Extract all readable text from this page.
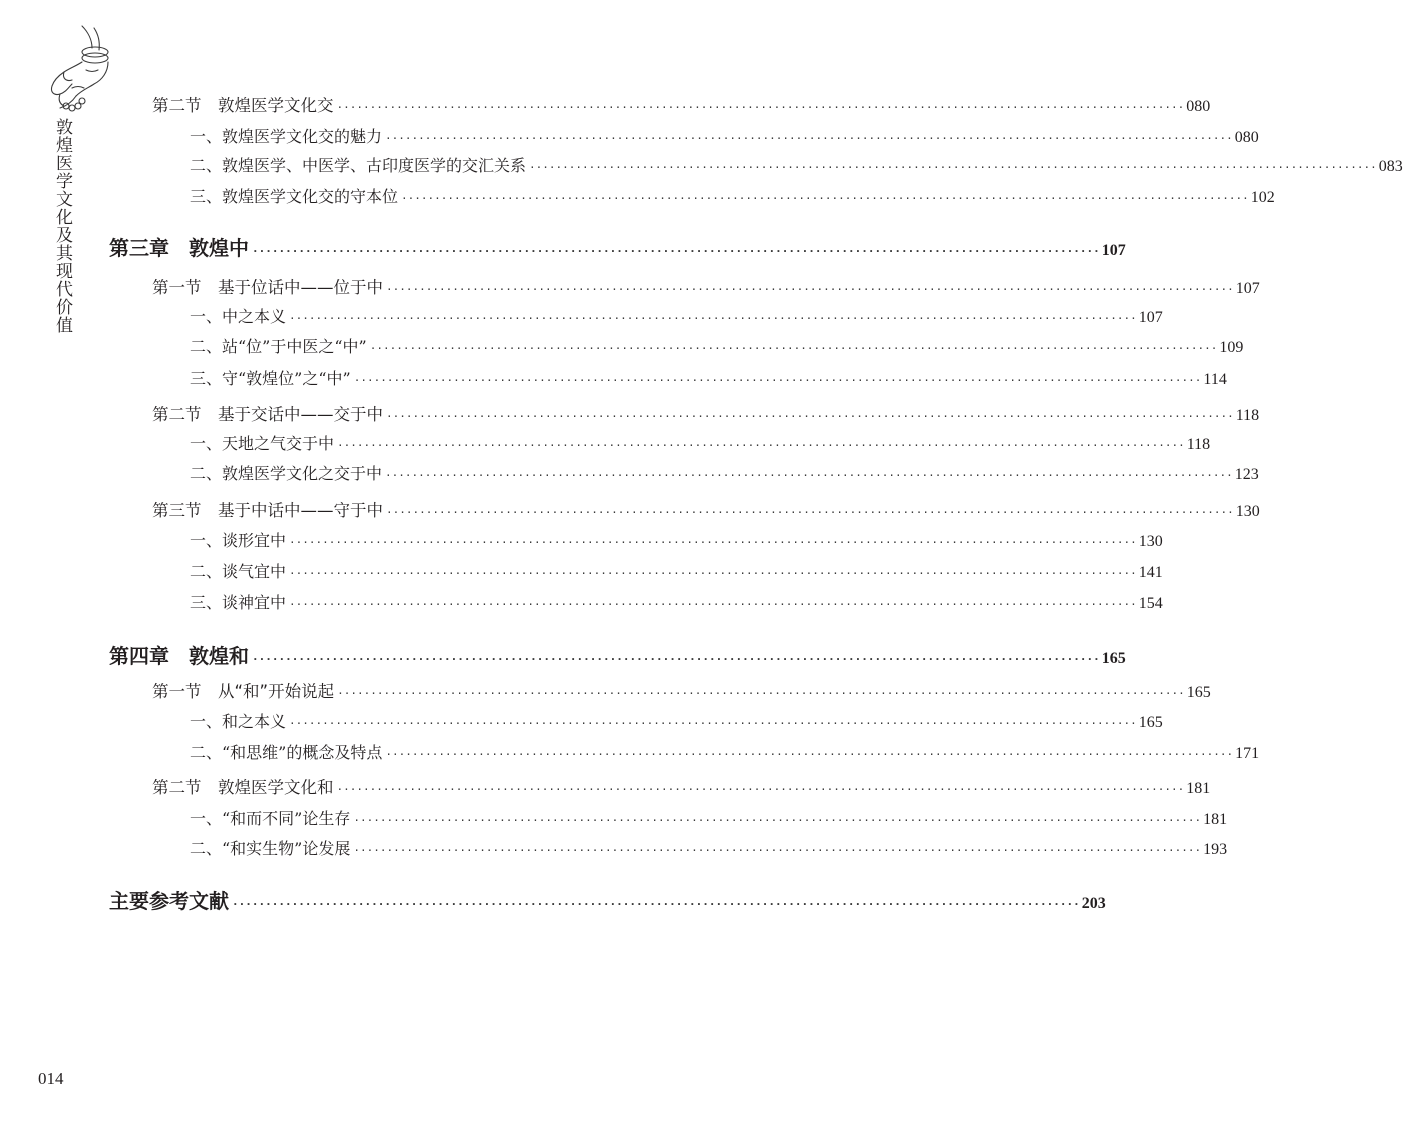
敦煌医学文化及其现代价值
第二节　敦煌医学文化交 ································································································································ 080
一、敦煌医学文化交的魅力 ································································································································ 080
二、敦煌医学、中医学、古印度医学的交汇关系 ································································································································ 083
三、敦煌医学文化交的守本位 ································································································································ 102
第三章　敦煌中 ································································································································ 107
第一节　基于位话中——位于中 ································································································································ 107
一、中之本义 ································································································································ 107
二、站“位”于中医之“中” ································································································································ 109
三、守“敦煌位”之“中” ································································································································ 114
第二节　基于交话中——交于中 ································································································································ 118
一、天地之气交于中 ································································································································ 118
二、敦煌医学文化之交于中 ································································································································ 123
第三节　基于中话中——守于中 ································································································································ 130
一、谈形宜中 ································································································································ 130
二、谈气宜中 ································································································································ 141
三、谈神宜中 ································································································································ 154
第四章　敦煌和 ································································································································ 165
第一节　从“和”开始说起 ································································································································ 165
一、和之本义 ································································································································ 165
二、“和思维”的概念及特点 ································································································································ 171
第二节　敦煌医学文化和 ································································································································ 181
一、“和而不同”论生存 ································································································································ 181
二、“和实生物”论发展 ································································································································ 193
主要参考文献 ································································································································ 203
014
